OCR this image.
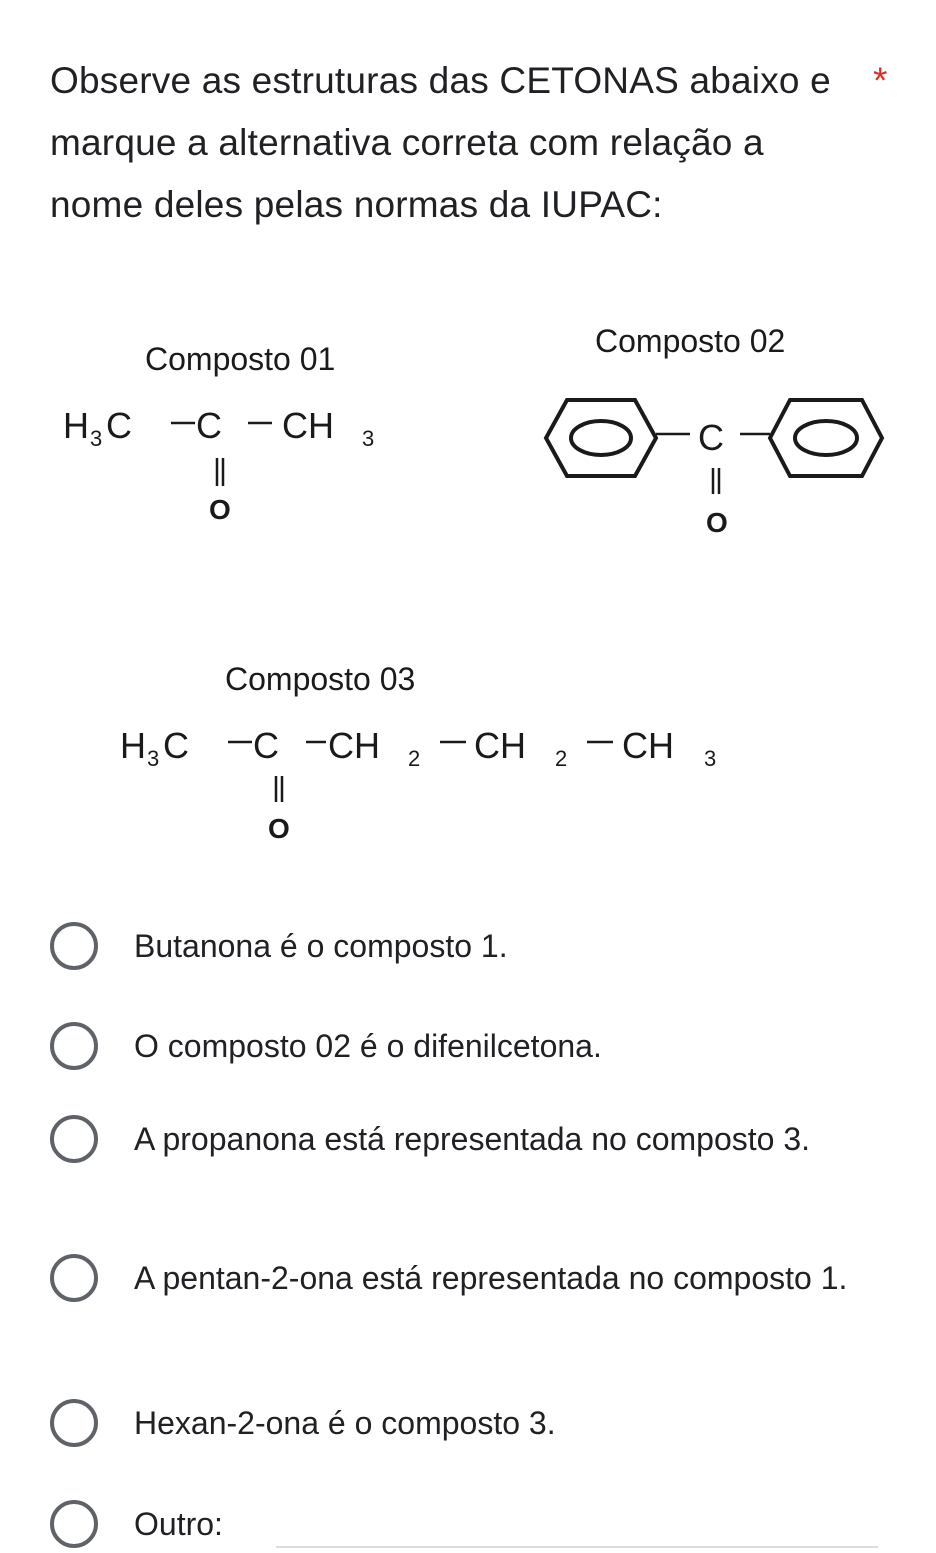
Observe as estruturas das CETONAS abaixo e marque a alternativa correta com relação a nome deles pelas normas da IUPAC:
*
Composto 01
H 3 C C CH 3
O
Composto 02
C
O
Composto 03
H 3 C C CH 2 CH 2 CH 3
O
Butanona é o composto 1.
O composto 02 é o difenilcetona.
A propanona está representada no composto 3.
A pentan-2-ona está representada no composto 1.
Hexan-2-ona é o composto 3.
Outro:
